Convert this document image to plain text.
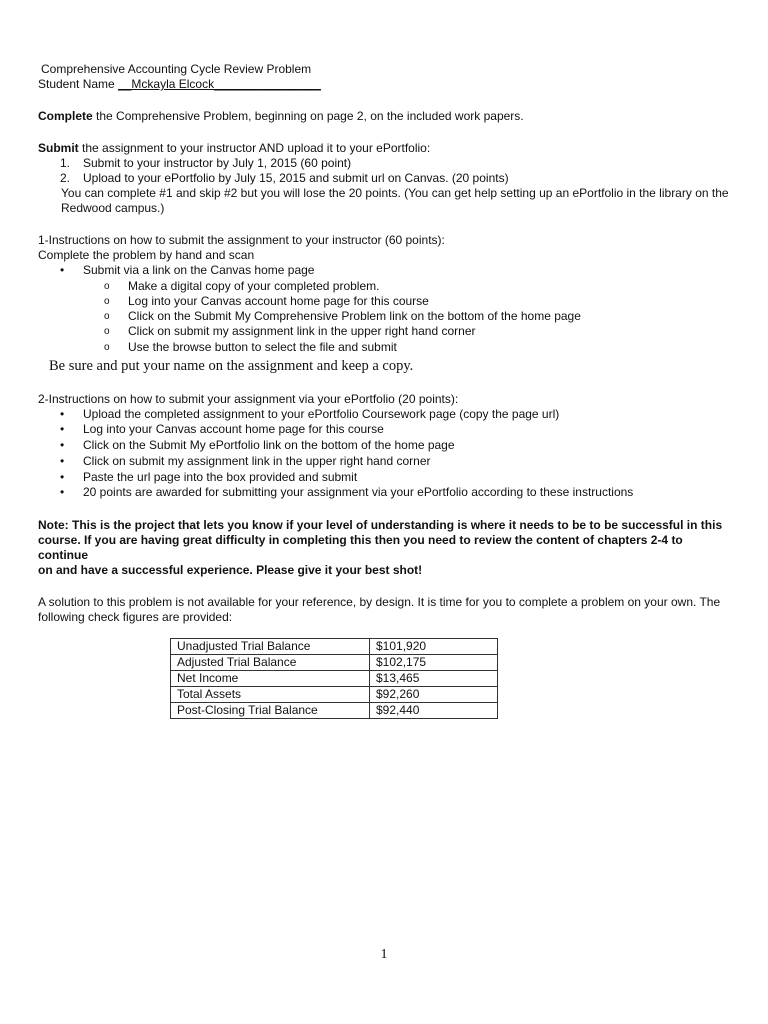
Comprehensive Accounting Cycle Review Problem
Student Name __Mckayla Elcock________________
Complete the Comprehensive Problem, beginning on page 2, on the included work papers.
Submit the assignment to your instructor AND upload it to your ePortfolio:
1. Submit to your instructor by July 1, 2015 (60 point)
2. Upload to your ePortfolio by July 15, 2015 and submit url on Canvas. (20 points)
You can complete #1 and skip #2 but you will lose the 20 points. (You can get help setting up an ePortfolio in the library on the
Redwood campus.)
1-Instructions on how to submit the assignment to your instructor (60 points):
Complete the problem by hand and scan
• Submit via a link on the Canvas home page
o Make a digital copy of your completed problem.
o Log into your Canvas account home page for this course
o Click on the Submit My Comprehensive Problem link on the bottom of the home page
o Click on submit my assignment link in the upper right hand corner
o Use the browse button to select the file and submit
Be sure and put your name on the assignment and keep a copy.
2-Instructions on how to submit your assignment via your ePortfolio (20 points):
• Upload the completed assignment to your ePortfolio Coursework page (copy the page url)
• Log into your Canvas account home page for this course
• Click on the Submit My ePortfolio link on the bottom of the home page
• Click on submit my assignment link in the upper right hand corner
• Paste the url page into the box provided and submit
• 20 points are awarded for submitting your assignment via your ePortfolio according to these instructions
Note: This is the project that lets you know if your level of understanding is where it needs to be to be successful in this
course. If you are having great difficulty in completing this then you need to review the content of chapters 2-4 to continue
on and have a successful experience. Please give it your best shot!
A solution to this problem is not available for your reference, by design. It is time for you to complete a problem on your own. The
following check figures are provided:
Unadjusted Trial Balance	$101,920
Adjusted Trial Balance	$102,175
Net Income	$13,465
Total Assets	$92,260
Post-Closing Trial Balance	$92,440
1
